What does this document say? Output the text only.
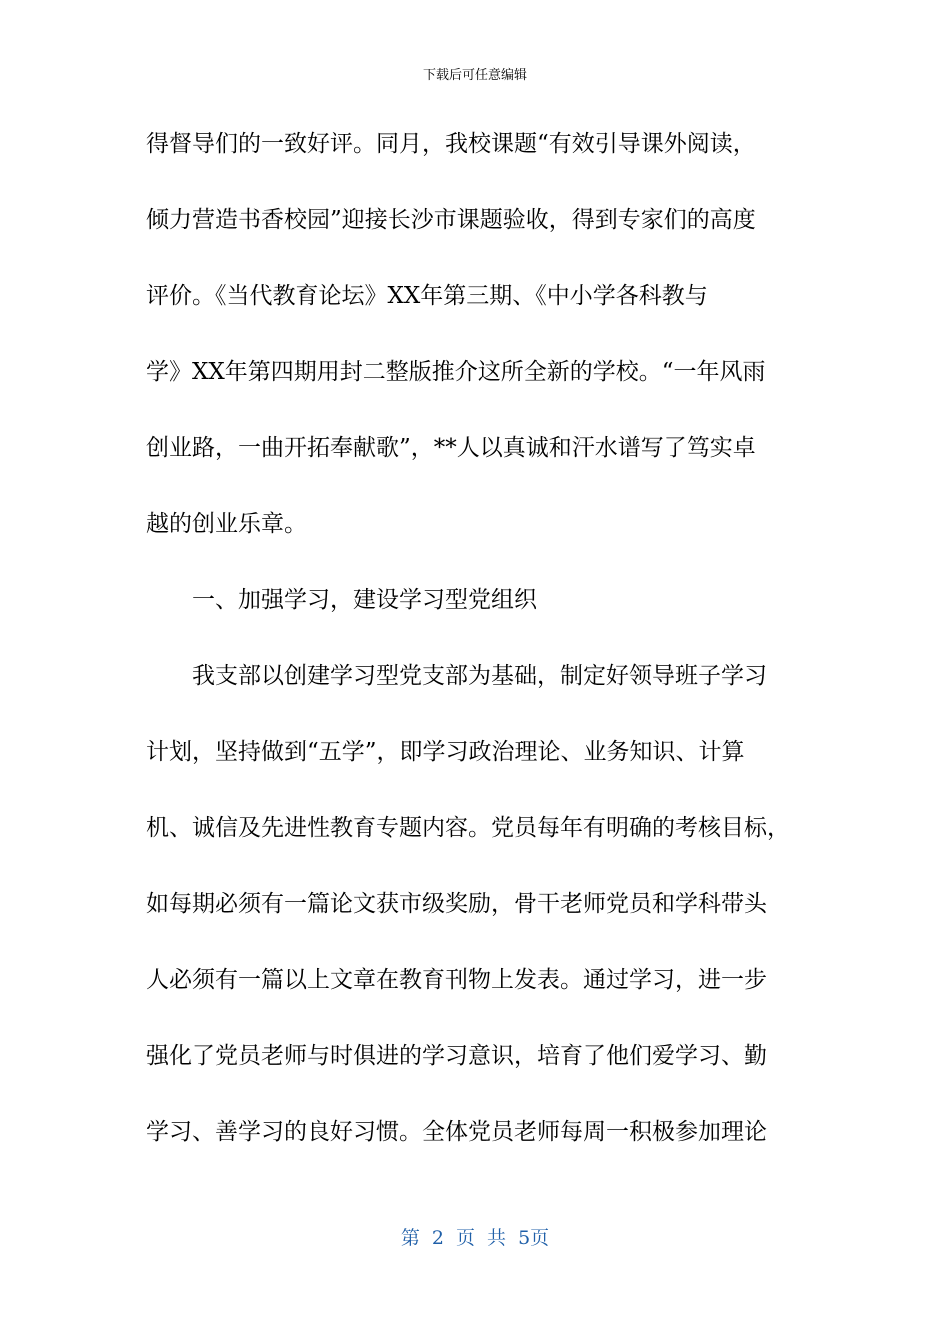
下载后可任意编辑
得督导们的一致好评。同月，我校课题“有效引导课外阅读，
倾力营造书香校园”迎接长沙市课题验收，得到专家们的高度
评价。《当代教育论坛》XX年第三期、《中小学各科教与
学》XX年第四期用封二整版推介这所全新的学校。“一年风雨
创业路，一曲开拓奉献歌”，**人以真诚和汗水谱写了笃实卓
越的创业乐章。
一、加强学习，建设学习型党组织
我支部以创建学习型党支部为基础，制定好领导班子学习
计划，坚持做到“五学”，即学习政治理论、业务知识、计算
机、诚信及先进性教育专题内容。党员每年有明确的考核目标，
如每期必须有一篇论文获市级奖励，骨干老师党员和学科带头
人必须有一篇以上文章在教育刊物上发表。通过学习，进一步
强化了党员老师与时俱进的学习意识，培育了他们爱学习、勤
学习、善学习的良好习惯。全体党员老师每周一积极参加理论
第 2 页 共 5页
